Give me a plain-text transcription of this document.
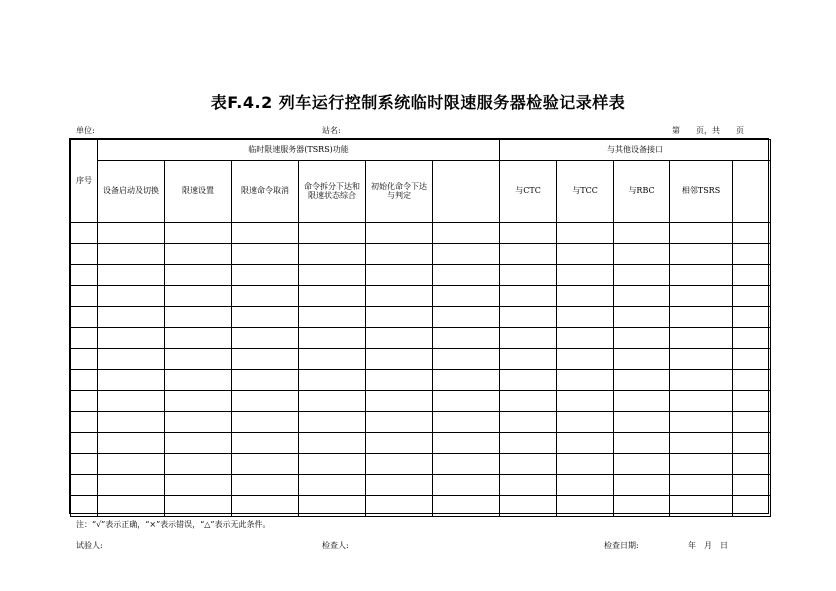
表F.4.2 列车运行控制系统临时限速服务器检验记录样表
单位:	站名:	第　　页，共　　页
序号	临时限速服务器(TSRS)功能						与其他设备接口				
	设备启动及切换	限速设置	限速命令取消	命令拆分下达和限速状态综合	初始化命令下达与判定		与CTC	与TCC	与RBC	相邻TSRS	

注：“√”表示正确，“×”表示错误，“△”表示无此条件。
试验人:	检查人:	检查日期:	年　月　日
